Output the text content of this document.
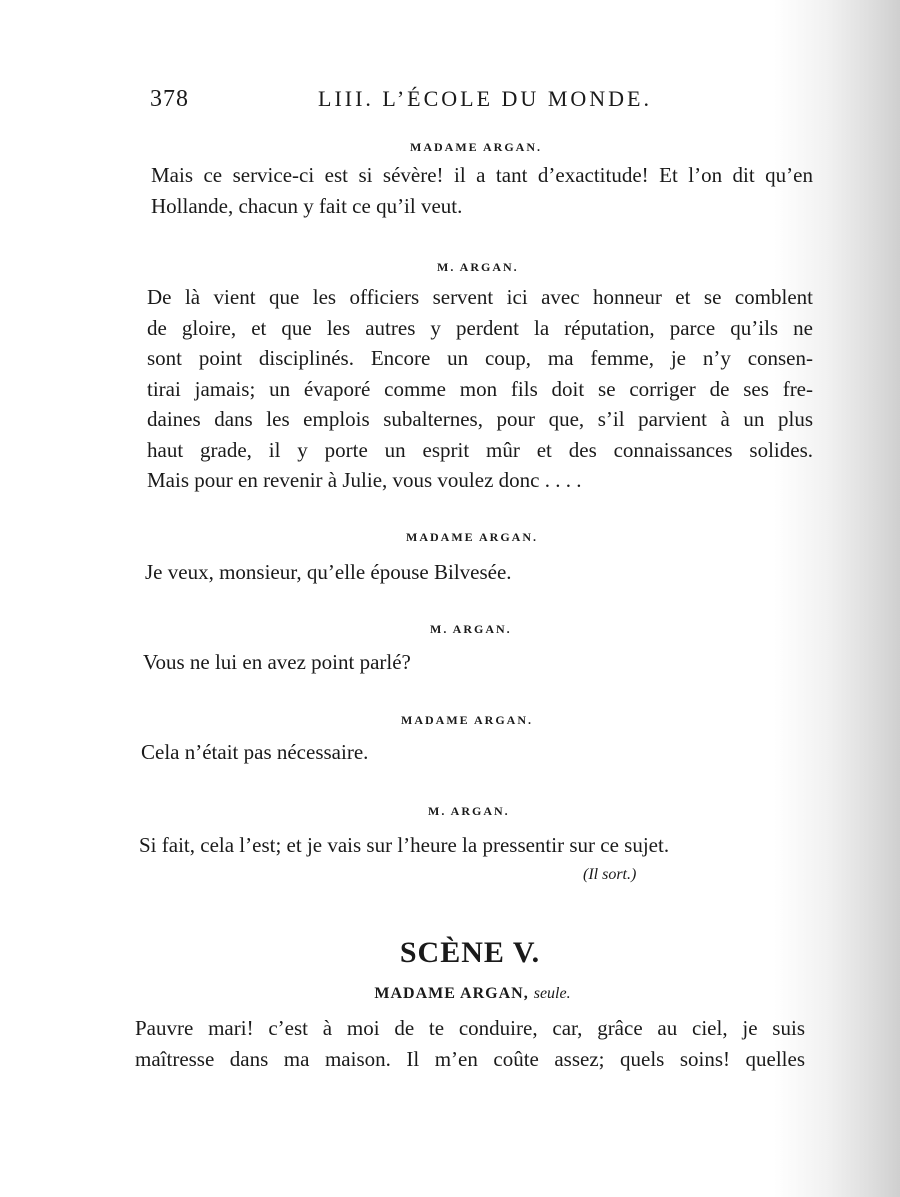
378	LIII. L’ÉCOLE DU MONDE.
MADAME ARGAN.
Mais ce service-ci est si sévère! il a tant d’exactitude! Et l’on dit qu’en
Hollande, chacun y fait ce qu’il veut.
M. ARGAN.
De là vient que les officiers servent ici avec honneur et se comblent
de gloire, et que les autres y perdent la réputation, parce qu’ils ne
sont point disciplinés. Encore un coup, ma femme, je n’y consen-
tirai jamais; un évaporé comme mon fils doit se corriger de ses fre-
daines dans les emplois subalternes, pour que, s’il parvient à un plus
haut grade, il y porte un esprit mûr et des connaissances solides.
Mais pour en revenir à Julie, vous voulez donc . . . .
MADAME ARGAN.
Je veux, monsieur, qu’elle épouse Bilvesée.
M. ARGAN.
Vous ne lui en avez point parlé?
MADAME ARGAN.
Cela n’était pas nécessaire.
M. ARGAN.
Si fait, cela l’est; et je vais sur l’heure la pressentir sur ce sujet.
(Il sort.)
SCÈNE V.
MADAME ARGAN, seule.
Pauvre mari! c’est à moi de te conduire, car, grâce au ciel, je suis
maîtresse dans ma maison. Il m’en coûte assez; quels soins! quelles
